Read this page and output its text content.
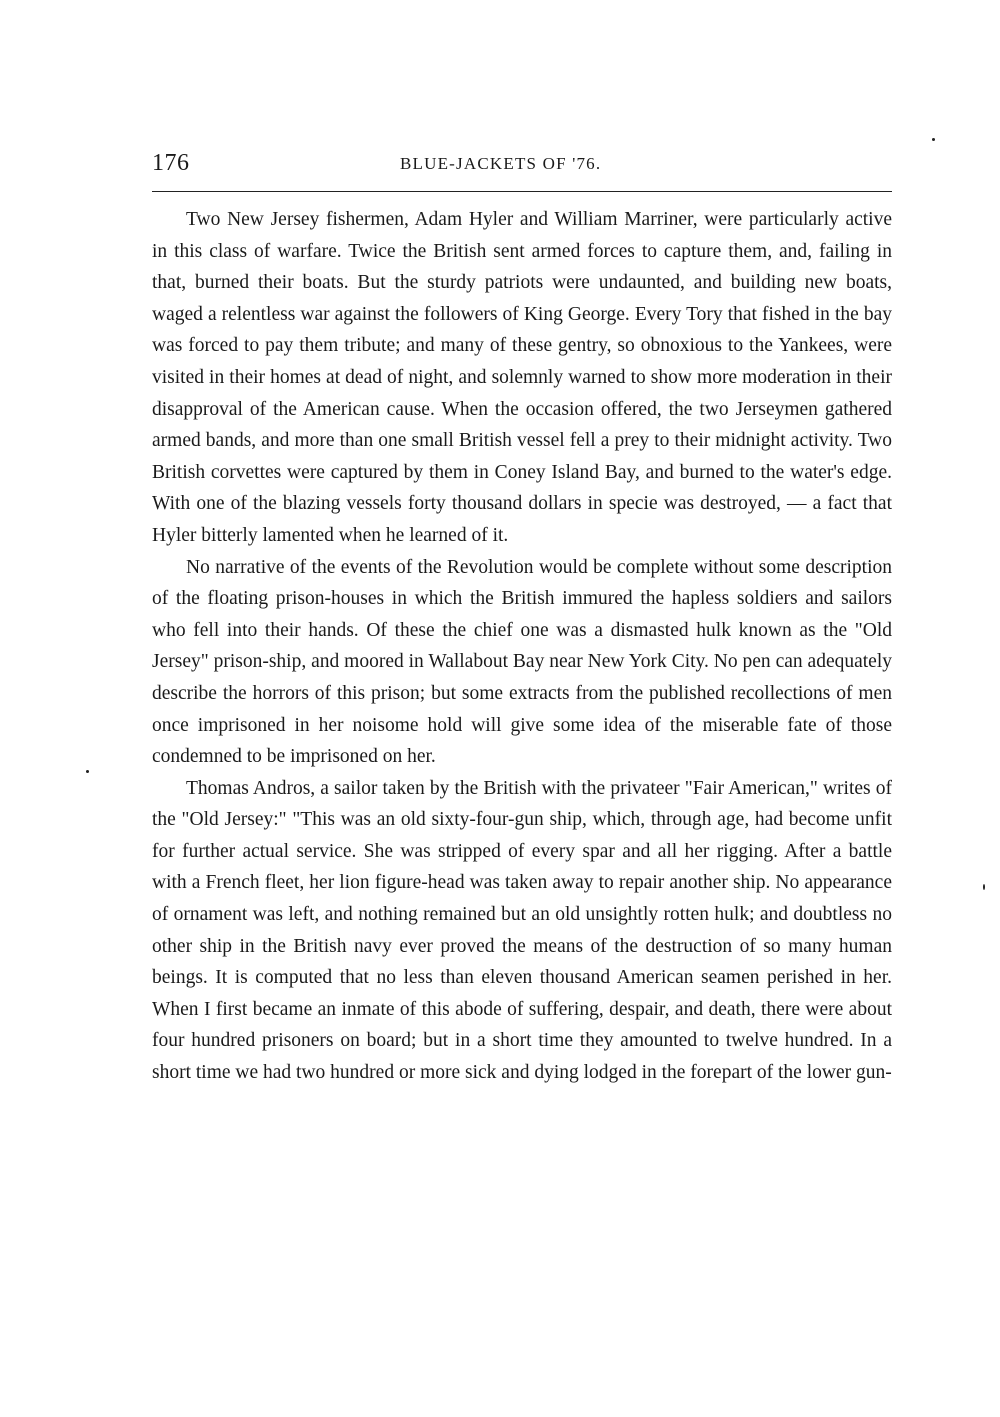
176	BLUE-JACKETS OF '76.

Two New Jersey fishermen, Adam Hyler and William Marriner, were particularly active in this class of warfare. Twice the British sent armed forces to capture them, and, failing in that, burned their boats. But the sturdy patriots were undaunted, and building new boats, waged a relentless war against the followers of King George. Every Tory that fished in the bay was forced to pay them tribute; and many of these gentry, so obnoxious to the Yankees, were visited in their homes at dead of night, and solemnly warned to show more moderation in their disapproval of the American cause. When the occasion offered, the two Jerseymen gathered armed bands, and more than one small British vessel fell a prey to their midnight activity. Two British corvettes were captured by them in Coney Island Bay, and burned to the water's edge. With one of the blazing vessels forty thousand dollars in specie was destroyed, — a fact that Hyler bitterly lamented when he learned of it.

No narrative of the events of the Revolution would be complete without some description of the floating prison-houses in which the British immured the hapless soldiers and sailors who fell into their hands. Of these the chief one was a dismasted hulk known as the "Old Jersey" prison-ship, and moored in Wallabout Bay near New York City. No pen can adequately describe the horrors of this prison; but some extracts from the published recollections of men once imprisoned in her noisome hold will give some idea of the miserable fate of those condemned to be imprisoned on her.

Thomas Andros, a sailor taken by the British with the privateer "Fair American," writes of the "Old Jersey:" "This was an old sixty-four-gun ship, which, through age, had become unfit for further actual service. She was stripped of every spar and all her rigging. After a battle with a French fleet, her lion figure-head was taken away to repair another ship. No appearance of ornament was left, and nothing remained but an old unsightly rotten hulk; and doubtless no other ship in the British navy ever proved the means of the destruction of so many human beings. It is computed that no less than eleven thousand American seamen perished in her. When I first became an inmate of this abode of suffering, despair, and death, there were about four hundred prisoners on board; but in a short time they amounted to twelve hundred. In a short time we had two hundred or more sick and dying lodged in the forepart of the lower gun-
